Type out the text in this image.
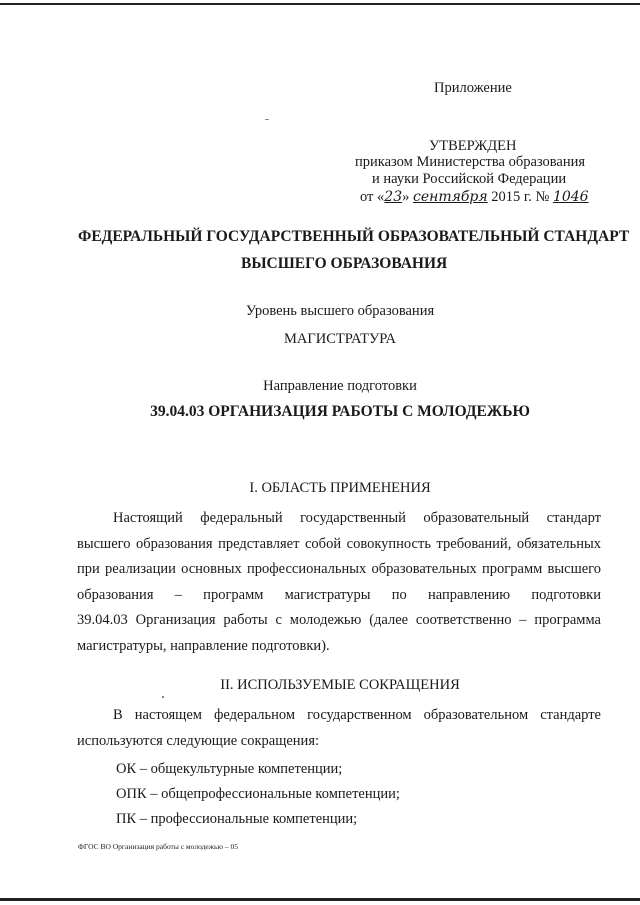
Приложение
УТВЕРЖДЕН
приказом Министерства образования
и науки Российской Федерации
от «23» сентября 2015 г. № 1046
ФЕДЕРАЛЬНЫЙ ГОСУДАРСТВЕННЫЙ ОБРАЗОВАТЕЛЬНЫЙ СТАНДАРТ
ВЫСШЕГО ОБРАЗОВАНИЯ
Уровень высшего образования
МАГИСТРАТУРА
Направление подготовки
39.04.03 ОРГАНИЗАЦИЯ РАБОТЫ С МОЛОДЕЖЬЮ
I. ОБЛАСТЬ ПРИМЕНЕНИЯ
Настоящий федеральный государственный образовательный стандарт
высшего образования представляет собой совокупность требований, обязательных
при реализации основных профессиональных образовательных программ высшего
образования – программ магистратуры по направлению подготовки
39.04.03 Организация работы с молодежью (далее соответственно – программа
магистратуры, направление подготовки).
II. ИСПОЛЬЗУЕМЫЕ СОКРАЩЕНИЯ
В настоящем федеральном государственном образовательном стандарте
используются следующие сокращения:
ОК – общекультурные компетенции;
ОПК – общепрофессиональные компетенции;
ПК – профессиональные компетенции;
ФГОС ВО Организация работы с молодежью – 05
